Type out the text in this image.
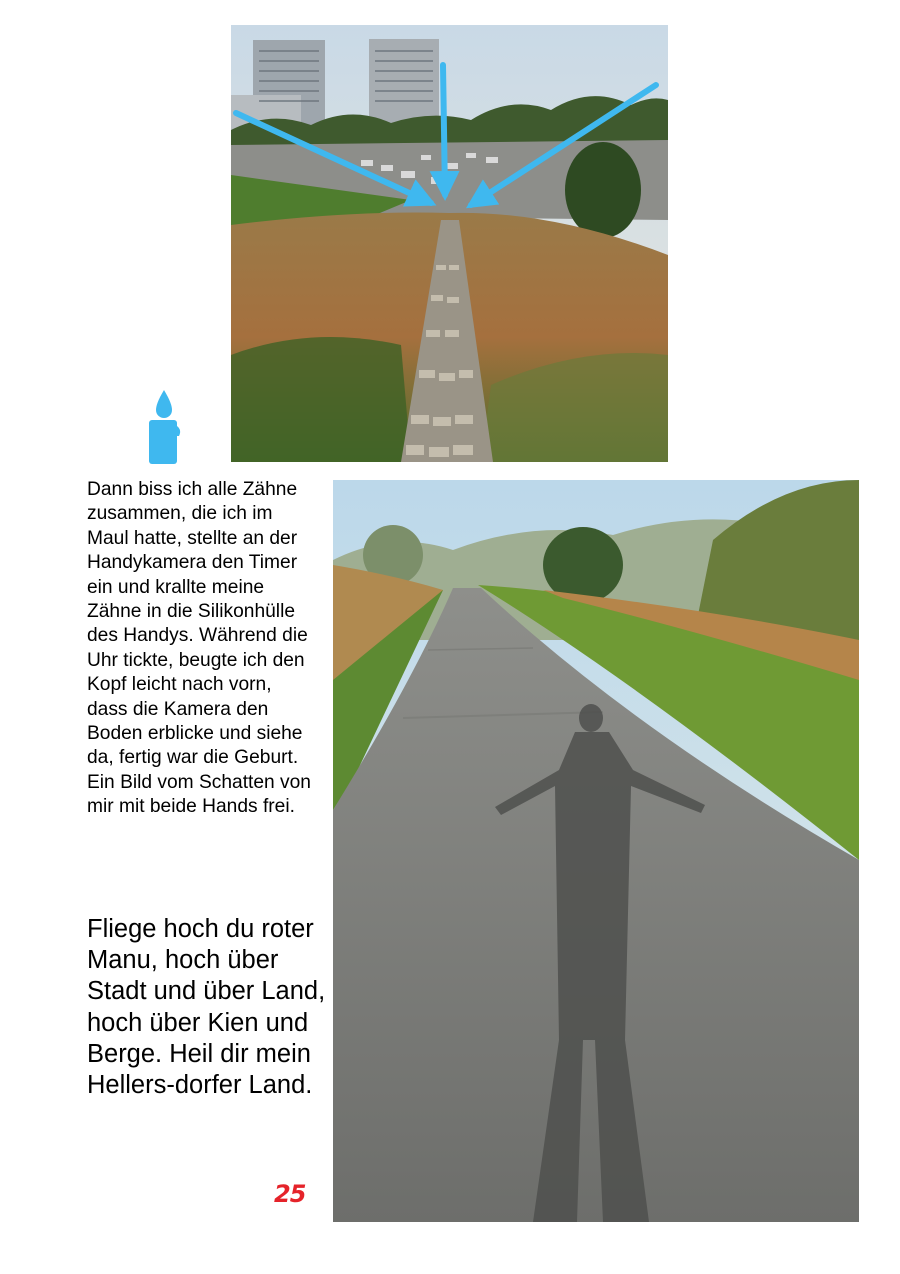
Dann biss ich alle Zähne zusammen, die ich im Maul hatte, stellte an der Handykamera den Timer ein und krallte meine Zähne in die Silikonhülle des Handys. Während die Uhr tickte, beugte ich den Kopf leicht nach vorn, dass die Kamera den Boden erblicke und siehe da, fertig war die Geburt. Ein Bild vom Schatten von mir mit beide Hands frei.

Fliege hoch du roter Manu, hoch über Stadt und über Land, hoch über Kien und Berge. Heil dir mein Hellers-dorfer Land.

25
